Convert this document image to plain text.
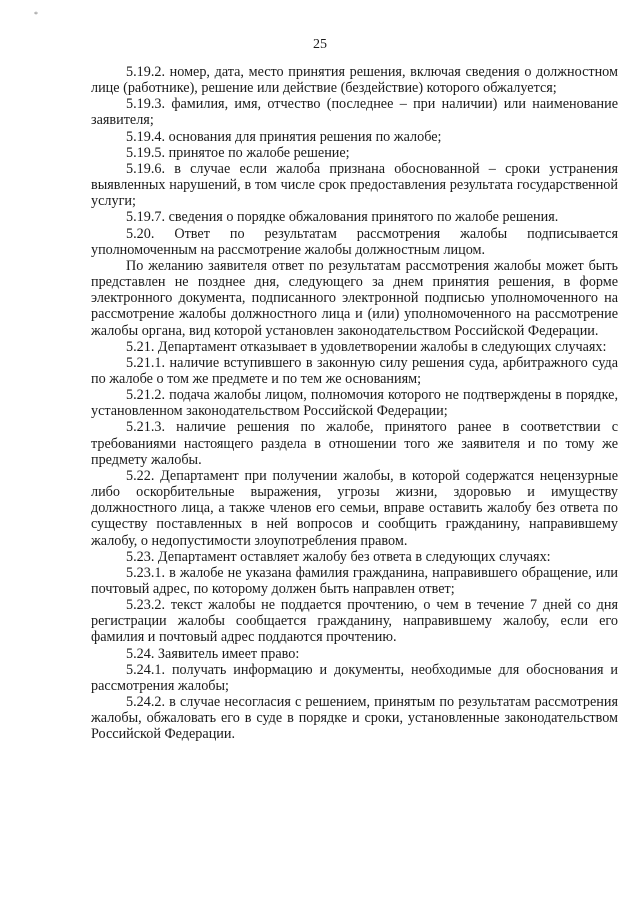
*
25

5.19.2. номер, дата, место принятия решения, включая сведения о должностном лице (работнике), решение или действие (бездействие) которого обжалуется;

5.19.3. фамилия, имя, отчество (последнее – при наличии) или наименование заявителя;

5.19.4. основания для принятия решения по жалобе;

5.19.5. принятое по жалобе решение;

5.19.6. в случае если жалоба признана обоснованной – сроки устранения выявленных нарушений, в том числе срок предоставления результата государственной услуги;

5.19.7. сведения о порядке обжалования принятого по жалобе решения.

5.20. Ответ по результатам рассмотрения жалобы подписывается уполномоченным на рассмотрение жалобы должностным лицом.

По желанию заявителя ответ по результатам рассмотрения жалобы может быть представлен не позднее дня, следующего за днем принятия решения, в форме электронного документа, подписанного электронной подписью уполномоченного на рассмотрение жалобы должностного лица и (или) уполномоченного на рассмотрение жалобы органа, вид которой установлен законодательством Российской Федерации.

5.21. Департамент отказывает в удовлетворении жалобы в следующих случаях:

5.21.1. наличие вступившего в законную силу решения суда, арбитражного суда по жалобе о том же предмете и по тем же основаниям;

5.21.2. подача жалобы лицом, полномочия которого не подтверждены в порядке, установленном законодательством Российской Федерации;

5.21.3. наличие решения по жалобе, принятого ранее в соответствии с требованиями настоящего раздела в отношении того же заявителя и по тому же предмету жалобы.

5.22. Департамент при получении жалобы, в которой содержатся нецензурные либо оскорбительные выражения, угрозы жизни, здоровью и имуществу должностного лица, а также членов его семьи, вправе оставить жалобу без ответа по существу поставленных в ней вопросов и сообщить гражданину, направившему жалобу, о недопустимости злоупотребления правом.

5.23. Департамент оставляет жалобу без ответа в следующих случаях:

5.23.1. в жалобе не указана фамилия гражданина, направившего обращение, или почтовый адрес, по которому должен быть направлен ответ;

5.23.2. текст жалобы не поддается прочтению, о чем в течение 7 дней со дня регистрации жалобы сообщается гражданину, направившему жалобу, если его фамилия и почтовый адрес поддаются прочтению.

5.24. Заявитель имеет право:

5.24.1. получать информацию и документы, необходимые для обоснования и рассмотрения жалобы;

5.24.2. в случае несогласия с решением, принятым по результатам рассмотрения жалобы, обжаловать его в суде в порядке и сроки, установленные законодательством Российской Федерации.
